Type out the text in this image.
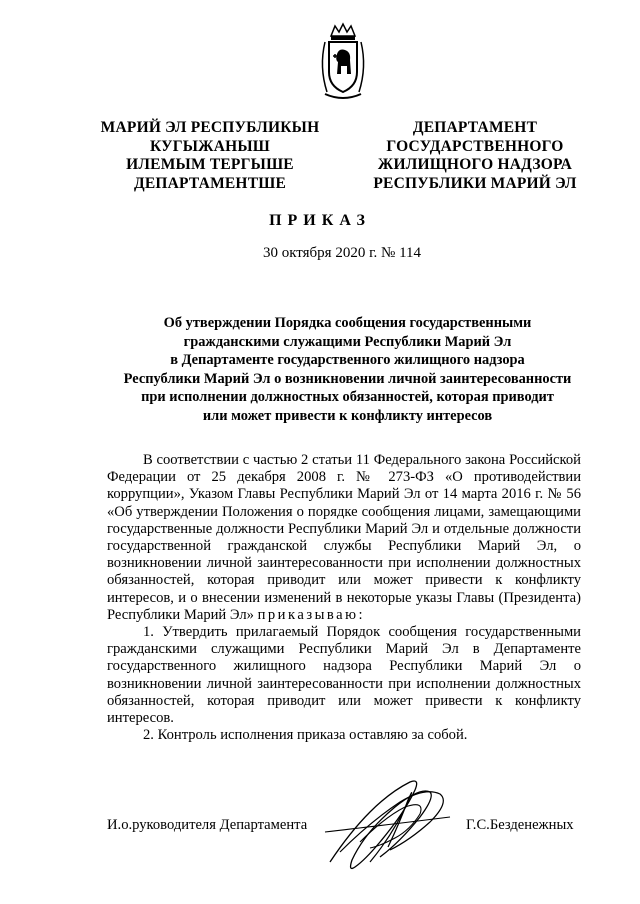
МАРИЙ ЭЛ РЕСПУБЛИКЫН
КУГЫЖАНЫШ
ИЛЕМЫМ ТЕРГЫШЕ
ДЕПАРТАМЕНТШЕ
ДЕПАРТАМЕНТ
ГОСУДАРСТВЕННОГО
ЖИЛИЩНОГО НАДЗОРА
РЕСПУБЛИКИ МАРИЙ ЭЛ
ПРИКАЗ
30 октября 2020 г. № 114
Об утверждении Порядка сообщения государственными
гражданскими служащими Республики Марий Эл
в Департаменте государственного жилищного надзора
Республики Марий Эл о возникновении личной заинтересованности
при исполнении должностных обязанностей, которая приводит
или может привести к конфликту интересов

В соответствии с частью 2 статьи 11 Федерального закона Российской Федерации от 25 декабря 2008 г. № 273-ФЗ «О противодействии коррупции», Указом Главы Республики Марий Эл от 14 марта 2016 г. № 56 «Об утверждении Положения о порядке сообщения лицами, замещающими государственные должности Республики Марий Эл и отдельные должности государственной гражданской службы Республики Марий Эл, о возникновении личной заинтересованности при исполнении должностных обязанностей, которая приводит или может привести к конфликту интересов, и о внесении изменений в некоторые указы Главы (Президента) Республики Марий Эл» приказываю:

1. Утвердить прилагаемый Порядок сообщения государственными гражданскими служащими Республики Марий Эл в Департаменте государственного жилищного надзора Республики Марий Эл о возникновении личной заинтересованности при исполнении должностных обязанностей, которая приводит или может привести к конфликту интересов.

2. Контроль исполнения приказа оставляю за собой.

И.о.руководителя Департамента	Г.С.Безденежных
